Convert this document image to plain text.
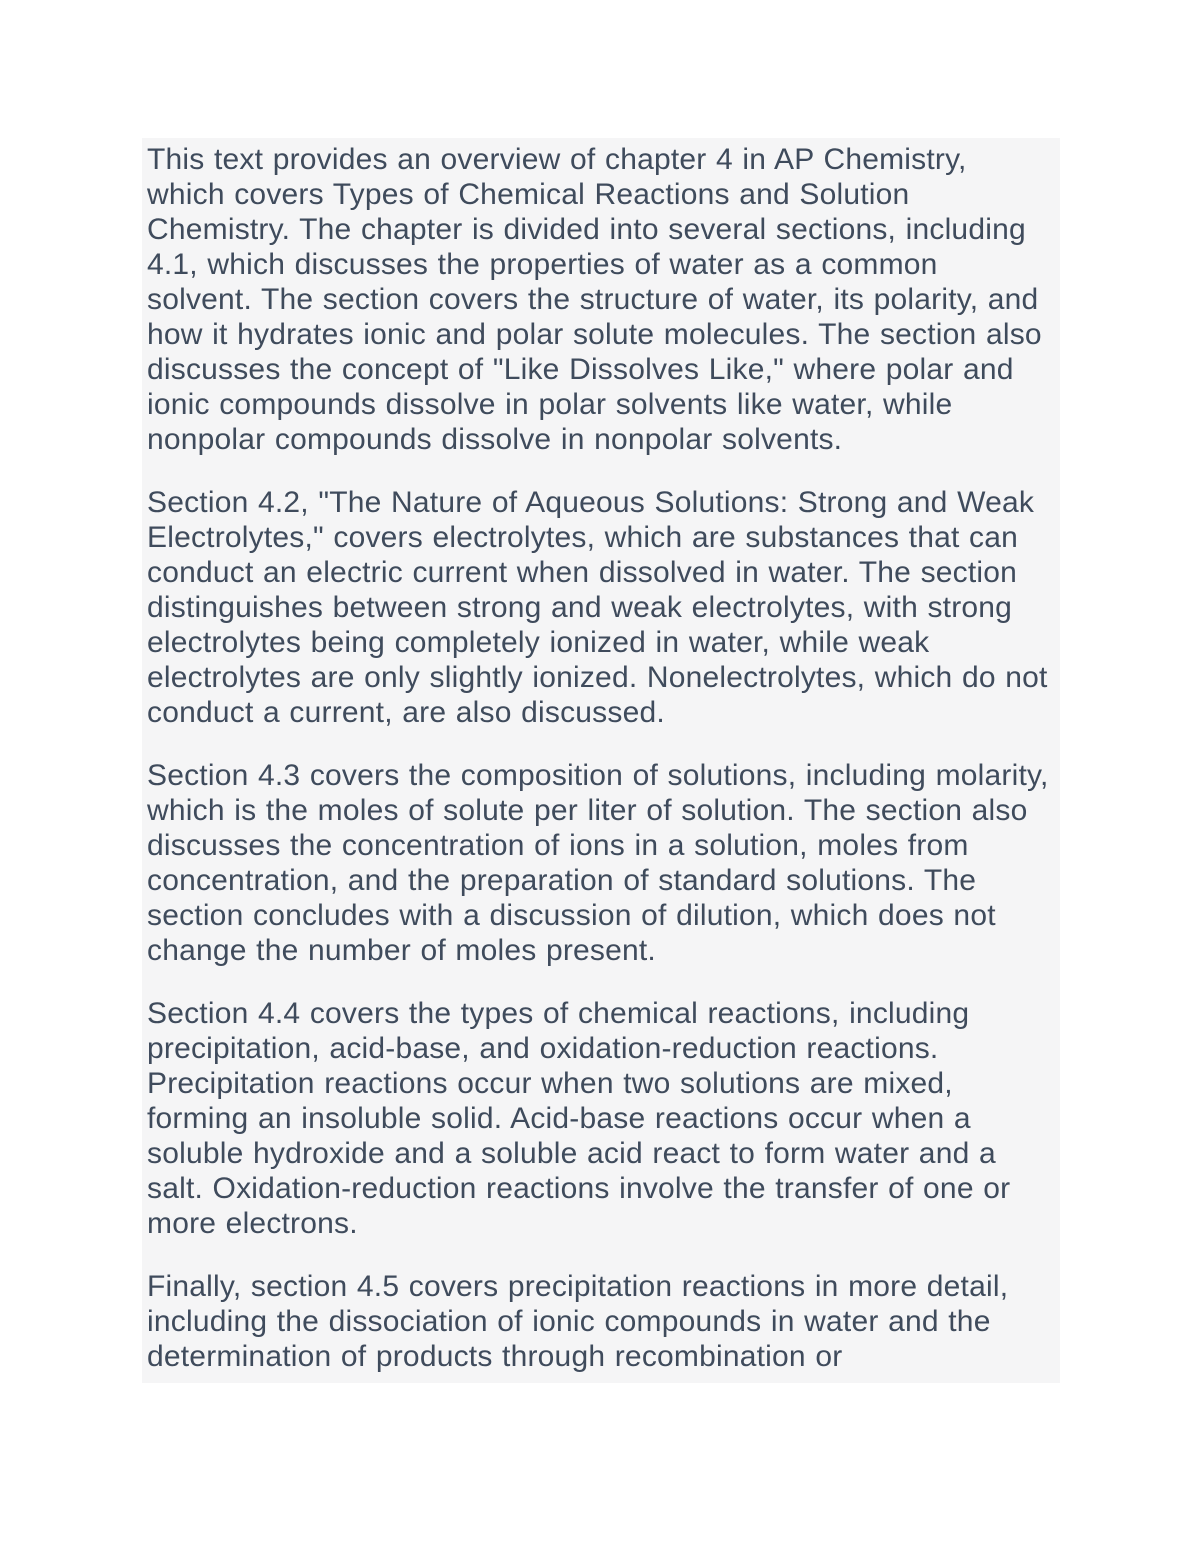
This text provides an overview of chapter 4 in AP Chemistry, which covers Types of Chemical Reactions and Solution Chemistry. The chapter is divided into several sections, including 4.1, which discusses the properties of water as a common solvent. The section covers the structure of water, its polarity, and how it hydrates ionic and polar solute molecules. The section also discusses the concept of "Like Dissolves Like," where polar and ionic compounds dissolve in polar solvents like water, while nonpolar compounds dissolve in nonpolar solvents.

Section 4.2, "The Nature of Aqueous Solutions: Strong and Weak Electrolytes," covers electrolytes, which are substances that can conduct an electric current when dissolved in water. The section distinguishes between strong and weak electrolytes, with strong electrolytes being completely ionized in water, while weak electrolytes are only slightly ionized. Nonelectrolytes, which do not conduct a current, are also discussed.

Section 4.3 covers the composition of solutions, including molarity, which is the moles of solute per liter of solution. The section also discusses the concentration of ions in a solution, moles from concentration, and the preparation of standard solutions. The section concludes with a discussion of dilution, which does not change the number of moles present.

Section 4.4 covers the types of chemical reactions, including precipitation, acid-base, and oxidation-reduction reactions. Precipitation reactions occur when two solutions are mixed, forming an insoluble solid. Acid-base reactions occur when a soluble hydroxide and a soluble acid react to form water and a salt. Oxidation-reduction reactions involve the transfer of one or more electrons.

Finally, section 4.5 covers precipitation reactions in more detail, including the dissociation of ionic compounds in water and the determination of products through recombination or
